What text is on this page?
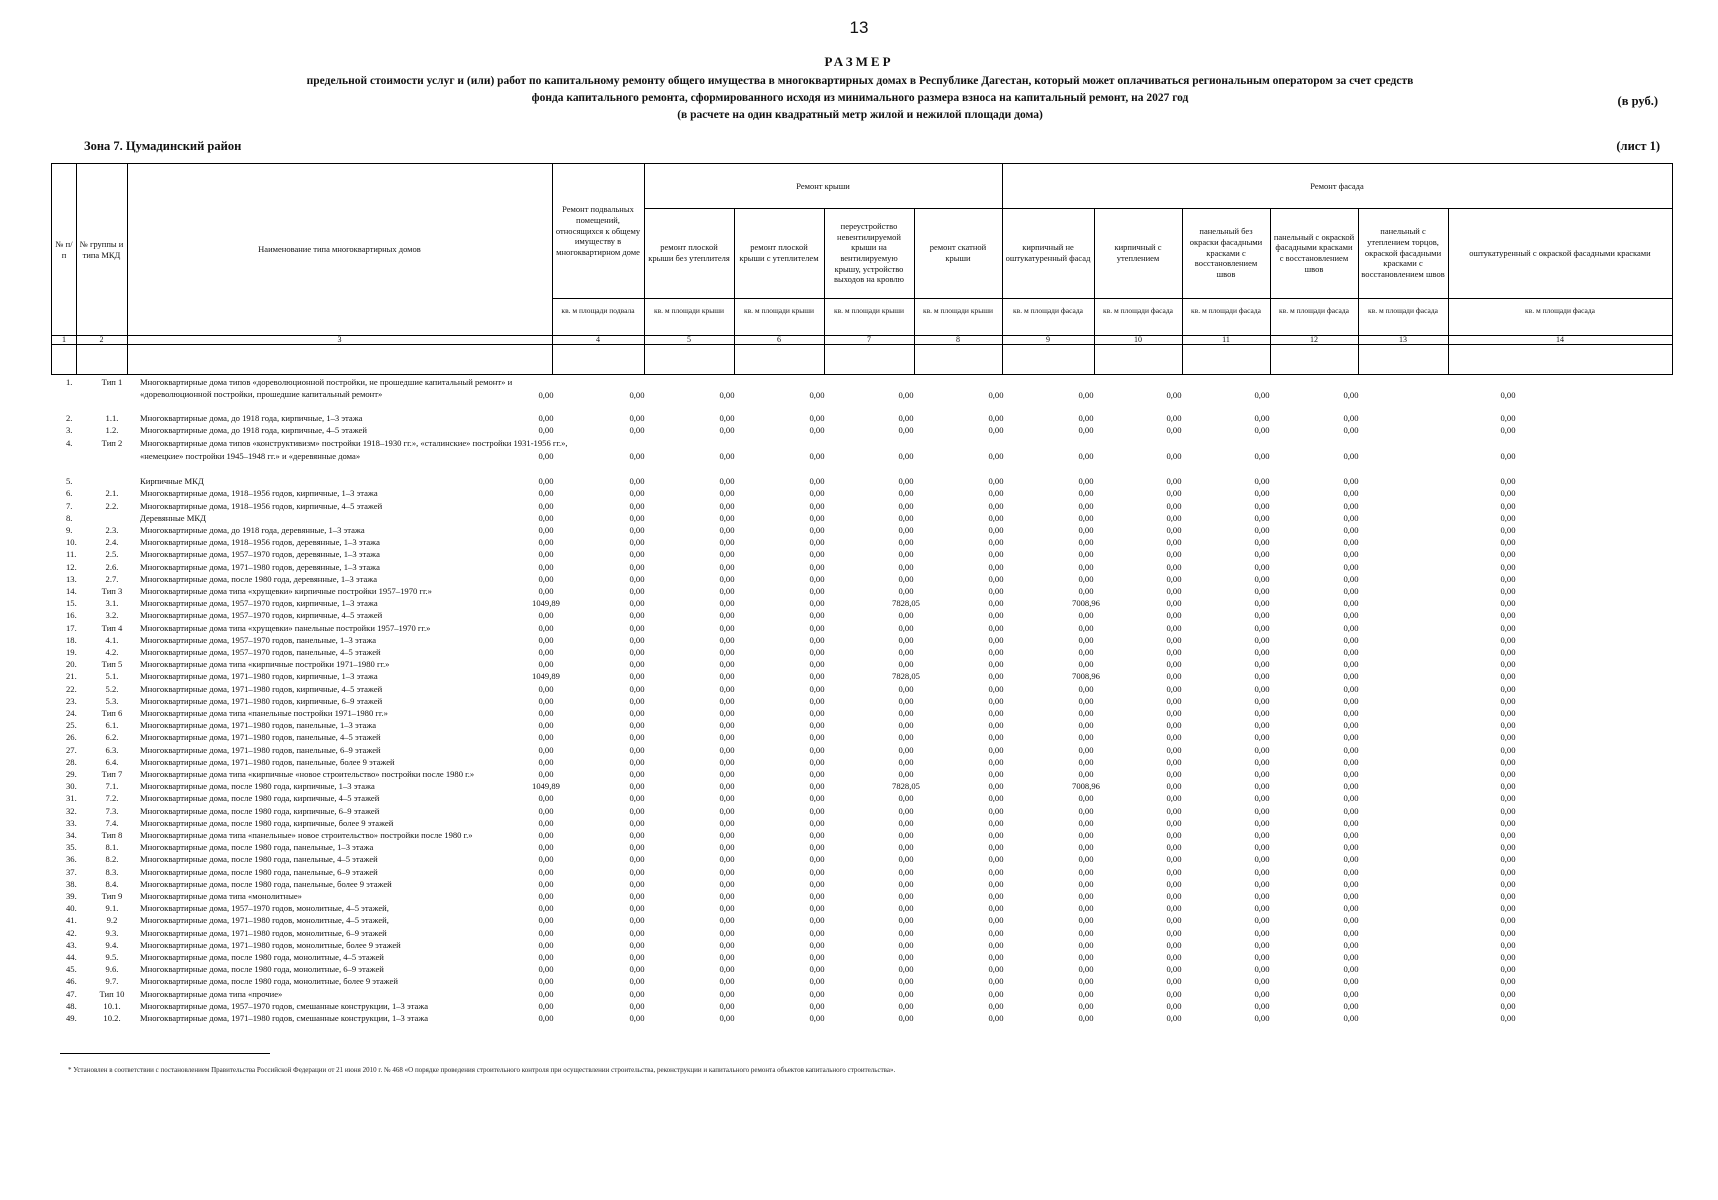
13
РАЗМЕР
предельной стоимости услуг и (или) работ по капитальному ремонту общего имущества в многоквартирных домах в Республике Дагестан, который может оплачиваться региональным оператором за счет средств
фонда капитального ремонта, сформированного исходя из минимального размера взноса на капитальный ремонт, на 2027 год
(в расчете на один квадратный метр жилой и нежилой площади дома)
(в руб.)
Зона 7. Цумадинский район	(лист 1)
№ п/п
№ группы и типа МКД
Наименование типа многоквартирных домов
Ремонт подвальных помещений, относящихся к общему имуществу в многоквартирном доме
Ремонт крыши	Ремонт фасада
ремонт плоской крыши без утеплителя
ремонт плоской крыши с утеплителем
переустройство невентилируемой крыши на вентилируемую крышу, устройство выходов на кровлю
ремонт скатной крыши
кирпичный не оштукатуренный фасад
кирпичный с утеплением
панельный без окраски фасадными красками с восстановлением швов
панельный с окраской фасадными красками с восстановлением швов
панельный с утеплением торцов, окраской фасадными красками с восстановлением швов
оштукатуренный с окраской фасадными красками
кв. м площади подвала	кв. м площади крыши	кв. м площади крыши	кв. м площади крыши	кв. м площади крыши	кв. м площади фасада	кв. м площади фасада	кв. м площади фасада	кв. м площади фасада	кв. м площади фасада	кв. м площади фасада
1	2	3	4	5	6	7	8	9	10	11	12	13	14
1.	Тип 1	Многоквартирные дома типов «дореволюционной постройки, не прошедшие капитальный ремонт» и «дореволюционной постройки, прошедшие капитальный ремонт»	0,00	0,00	0,00	0,00	0,00	0,00	0,00	0,00	0,00	0,00	0,00
2.	1.1.	Многоквартирные дома, до 1918 года, кирпичные, 1–3 этажа	0,00	0,00	0,00	0,00	0,00	0,00	0,00	0,00	0,00	0,00	0,00
3.	1.2.	Многоквартирные дома, до 1918 года, кирпичные, 4–5 этажей	0,00	0,00	0,00	0,00	0,00	0,00	0,00	0,00	0,00	0,00	0,00
4.	Тип 2	Многоквартирные дома типов «конструктивизм» постройки 1918–1930 гг.», «сталинские» постройки 1931-1956 гг.», «немецкие» постройки 1945–1948 гг.» и «деревянные дома»	0,00	0,00	0,00	0,00	0,00	0,00	0,00	0,00	0,00	0,00	0,00
5.	Кирпичные МКД	0,00	0,00	0,00	0,00	0,00	0,00	0,00	0,00	0,00	0,00	0,00
6.	2.1.	Многоквартирные дома, 1918–1956 годов, кирпичные, 1–3 этажа	0,00	0,00	0,00	0,00	0,00	0,00	0,00	0,00	0,00	0,00	0,00
7.	2.2.	Многоквартирные дома, 1918–1956 годов, кирпичные, 4–5 этажей	0,00	0,00	0,00	0,00	0,00	0,00	0,00	0,00	0,00	0,00	0,00
8.	Деревянные МКД	0,00	0,00	0,00	0,00	0,00	0,00	0,00	0,00	0,00	0,00	0,00
9.	2.3.	Многоквартирные дома, до 1918 года, деревянные, 1–3 этажа	0,00	0,00	0,00	0,00	0,00	0,00	0,00	0,00	0,00	0,00	0,00
10.	2.4.	Многоквартирные дома, 1918–1956 годов, деревянные, 1–3 этажа	0,00	0,00	0,00	0,00	0,00	0,00	0,00	0,00	0,00	0,00	0,00
11.	2.5.	Многоквартирные дома, 1957–1970 годов, деревянные, 1–3 этажа	0,00	0,00	0,00	0,00	0,00	0,00	0,00	0,00	0,00	0,00	0,00
12.	2.6.	Многоквартирные дома, 1971–1980 годов, деревянные, 1–3 этажа	0,00	0,00	0,00	0,00	0,00	0,00	0,00	0,00	0,00	0,00	0,00
13.	2.7.	Многоквартирные дома, после 1980 года, деревянные, 1–3 этажа	0,00	0,00	0,00	0,00	0,00	0,00	0,00	0,00	0,00	0,00	0,00
14.	Тип 3	Многоквартирные дома типа «хрущевки» кирпичные постройки 1957–1970 гг.»	0,00	0,00	0,00	0,00	0,00	0,00	0,00	0,00	0,00	0,00	0,00
15.	3.1.	Многоквартирные дома, 1957–1970 годов, кирпичные, 1–3 этажа	1049,89	0,00	0,00	0,00	7828,05	0,00	7008,96	0,00	0,00	0,00	0,00
16.	3.2.	Многоквартирные дома, 1957–1970 годов, кирпичные, 4–5 этажей	0,00	0,00	0,00	0,00	0,00	0,00	0,00	0,00	0,00	0,00	0,00
17.	Тип 4	Многоквартирные дома типа «хрущевки» панельные постройки 1957–1970 гг.»	0,00	0,00	0,00	0,00	0,00	0,00	0,00	0,00	0,00	0,00	0,00
18.	4.1.	Многоквартирные дома, 1957–1970 годов, панельные, 1–3 этажа	0,00	0,00	0,00	0,00	0,00	0,00	0,00	0,00	0,00	0,00	0,00
19.	4.2.	Многоквартирные дома, 1957–1970 годов, панельные, 4–5 этажей	0,00	0,00	0,00	0,00	0,00	0,00	0,00	0,00	0,00	0,00	0,00
20.	Тип 5	Многоквартирные дома типа «кирпичные постройки 1971–1980 гг.»	0,00	0,00	0,00	0,00	0,00	0,00	0,00	0,00	0,00	0,00	0,00
21.	5.1.	Многоквартирные дома, 1971–1980 годов, кирпичные, 1–3 этажа	1049,89	0,00	0,00	0,00	7828,05	0,00	7008,96	0,00	0,00	0,00	0,00
22.	5.2.	Многоквартирные дома, 1971–1980 годов, кирпичные, 4–5 этажей	0,00	0,00	0,00	0,00	0,00	0,00	0,00	0,00	0,00	0,00	0,00
23.	5.3.	Многоквартирные дома, 1971–1980 годов, кирпичные, 6–9 этажей	0,00	0,00	0,00	0,00	0,00	0,00	0,00	0,00	0,00	0,00	0,00
24.	Тип 6	Многоквартирные дома типа «панельные постройки 1971–1980 гг.»	0,00	0,00	0,00	0,00	0,00	0,00	0,00	0,00	0,00	0,00	0,00
25.	6.1.	Многоквартирные дома, 1971–1980 годов, панельные, 1–3 этажа	0,00	0,00	0,00	0,00	0,00	0,00	0,00	0,00	0,00	0,00	0,00
26.	6.2.	Многоквартирные дома, 1971–1980 годов, панельные, 4–5 этажей	0,00	0,00	0,00	0,00	0,00	0,00	0,00	0,00	0,00	0,00	0,00
27.	6.3.	Многоквартирные дома, 1971–1980 годов, панельные, 6–9 этажей	0,00	0,00	0,00	0,00	0,00	0,00	0,00	0,00	0,00	0,00	0,00
28.	6.4.	Многоквартирные дома, 1971–1980 годов, панельные, более 9 этажей	0,00	0,00	0,00	0,00	0,00	0,00	0,00	0,00	0,00	0,00	0,00
29.	Тип 7	Многоквартирные дома типа «кирпичные «новое строительство» постройки после 1980 г.»	0,00	0,00	0,00	0,00	0,00	0,00	0,00	0,00	0,00	0,00	0,00
30.	7.1.	Многоквартирные дома, после 1980 года, кирпичные, 1–3 этажа	1049,89	0,00	0,00	0,00	7828,05	0,00	7008,96	0,00	0,00	0,00	0,00
31.	7.2.	Многоквартирные дома, после 1980 года, кирпичные, 4–5 этажей	0,00	0,00	0,00	0,00	0,00	0,00	0,00	0,00	0,00	0,00	0,00
32.	7.3.	Многоквартирные дома, после 1980 года, кирпичные, 6–9 этажей	0,00	0,00	0,00	0,00	0,00	0,00	0,00	0,00	0,00	0,00	0,00
33.	7.4.	Многоквартирные дома, после 1980 года, кирпичные, более 9 этажей	0,00	0,00	0,00	0,00	0,00	0,00	0,00	0,00	0,00	0,00	0,00
34.	Тип 8	Многоквартирные дома типа «панельные» новое строительство» постройки после 1980 г.»	0,00	0,00	0,00	0,00	0,00	0,00	0,00	0,00	0,00	0,00	0,00
35.	8.1.	Многоквартирные дома, после 1980 года, панельные, 1–3 этажа	0,00	0,00	0,00	0,00	0,00	0,00	0,00	0,00	0,00	0,00	0,00
36.	8.2.	Многоквартирные дома, после 1980 года, панельные, 4–5 этажей	0,00	0,00	0,00	0,00	0,00	0,00	0,00	0,00	0,00	0,00	0,00
37.	8.3.	Многоквартирные дома, после 1980 года, панельные, 6–9 этажей	0,00	0,00	0,00	0,00	0,00	0,00	0,00	0,00	0,00	0,00	0,00
38.	8.4.	Многоквартирные дома, после 1980 года, панельные, более 9 этажей	0,00	0,00	0,00	0,00	0,00	0,00	0,00	0,00	0,00	0,00	0,00
39.	Тип 9	Многоквартирные дома типа «монолитные»	0,00	0,00	0,00	0,00	0,00	0,00	0,00	0,00	0,00	0,00	0,00
40.	9.1.	Многоквартирные дома, 1957–1970 годов, монолитные, 4–5 этажей,	0,00	0,00	0,00	0,00	0,00	0,00	0,00	0,00	0,00	0,00	0,00
41.	9.2	Многоквартирные дома, 1971–1980 годов, монолитные, 4–5 этажей,	0,00	0,00	0,00	0,00	0,00	0,00	0,00	0,00	0,00	0,00	0,00
42.	9.3.	Многоквартирные дома, 1971–1980 годов, монолитные, 6–9 этажей	0,00	0,00	0,00	0,00	0,00	0,00	0,00	0,00	0,00	0,00	0,00
43.	9.4.	Многоквартирные дома, 1971–1980 годов, монолитные, более 9 этажей	0,00	0,00	0,00	0,00	0,00	0,00	0,00	0,00	0,00	0,00	0,00
44.	9.5.	Многоквартирные дома, после 1980 года, монолитные, 4–5 этажей	0,00	0,00	0,00	0,00	0,00	0,00	0,00	0,00	0,00	0,00	0,00
45.	9.6.	Многоквартирные дома, после 1980 года, монолитные, 6–9 этажей	0,00	0,00	0,00	0,00	0,00	0,00	0,00	0,00	0,00	0,00	0,00
46.	9.7.	Многоквартирные дома, после 1980 года, монолитные, более 9 этажей	0,00	0,00	0,00	0,00	0,00	0,00	0,00	0,00	0,00	0,00	0,00
47.	Тип 10	Многоквартирные дома типа «прочие»	0,00	0,00	0,00	0,00	0,00	0,00	0,00	0,00	0,00	0,00	0,00
48.	10.1.	Многоквартирные дома, 1957–1970 годов, смешанные конструкции, 1–3 этажа	0,00	0,00	0,00	0,00	0,00	0,00	0,00	0,00	0,00	0,00	0,00
49.	10.2.	Многоквартирные дома, 1971–1980 годов, смешанные конструкции, 1–3 этажа	0,00	0,00	0,00	0,00	0,00	0,00	0,00	0,00	0,00	0,00	0,00
* Установлен в соответствии с постановлением Правительства Российской Федерации от 21 июня 2010 г. № 468 «О порядке проведения строительного контроля при осуществлении строительства, реконструкции и капитального ремонта объектов капитального строительства».
